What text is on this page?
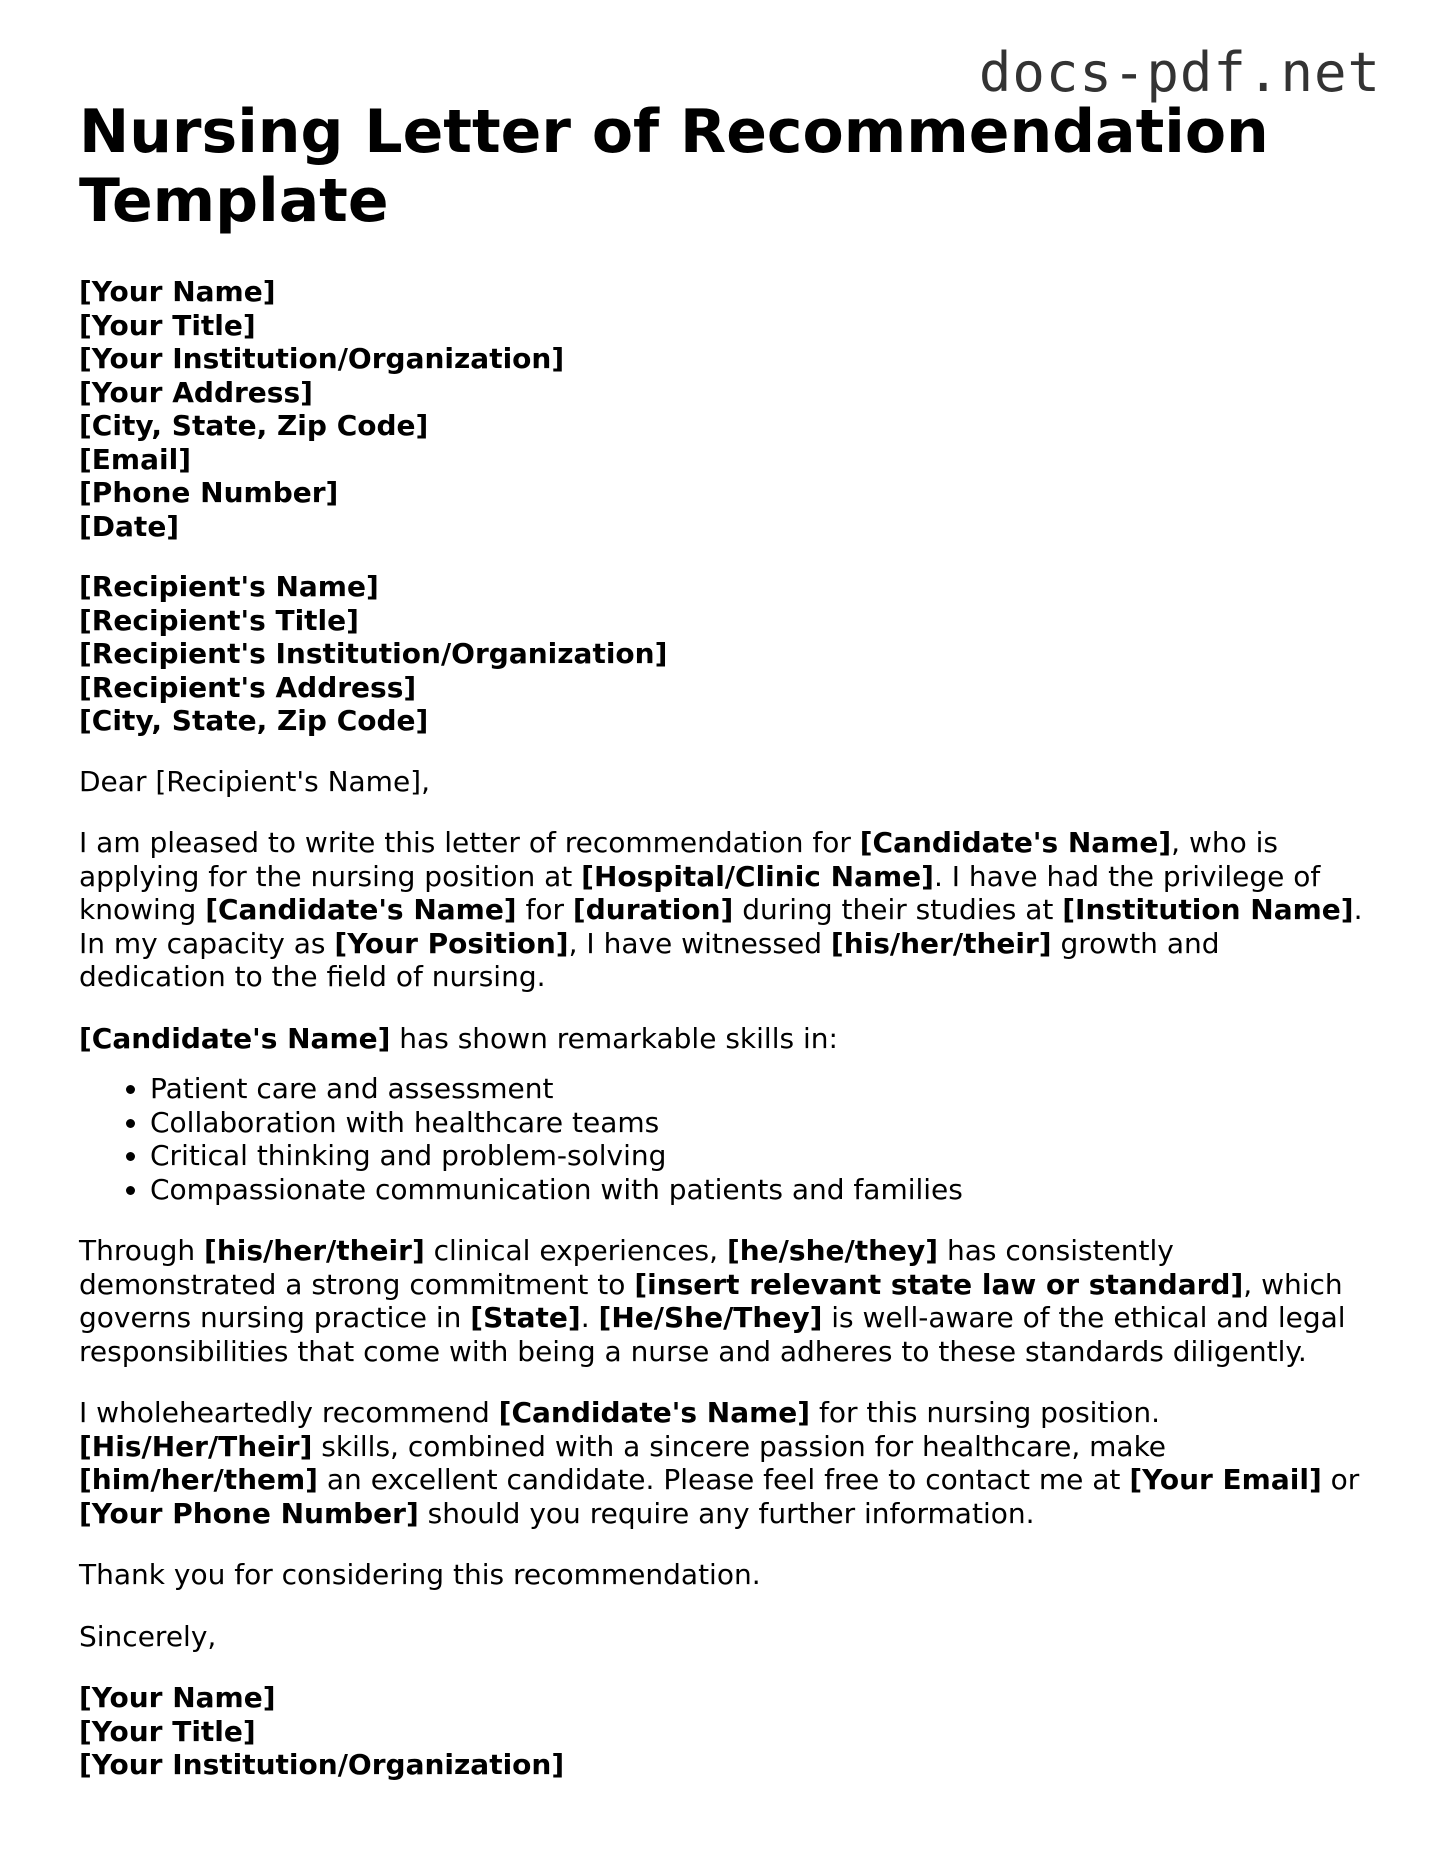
docs-pdf.net
Nursing Letter of Recommendation Template
[Your Name]
[Your Title]
[Your Institution/Organization]
[Your Address]
[City, State, Zip Code]
[Email]
[Phone Number]
[Date]
[Recipient's Name]
[Recipient's Title]
[Recipient's Institution/Organization]
[Recipient's Address]
[City, State, Zip Code]

Dear [Recipient's Name],

I am pleased to write this letter of recommendation for [Candidate's Name], who is applying for the nursing position at [Hospital/Clinic Name]. I have had the privilege of knowing [Candidate's Name] for [duration] during their studies at [Institution Name]. In my capacity as [Your Position], I have witnessed [his/her/their] growth and dedication to the field of nursing.

[Candidate's Name] has shown remarkable skills in:

• Patient care and assessment
• Collaboration with healthcare teams
• Critical thinking and problem-solving
• Compassionate communication with patients and families

Through [his/her/their] clinical experiences, [he/she/they] has consistently demonstrated a strong commitment to [insert relevant state law or standard], which governs nursing practice in [State]. [He/She/They] is well-aware of the ethical and legal responsibilities that come with being a nurse and adheres to these standards diligently.

I wholeheartedly recommend [Candidate's Name] for this nursing position. [His/Her/Their] skills, combined with a sincere passion for healthcare, make [him/her/them] an excellent candidate. Please feel free to contact me at [Your Email] or [Your Phone Number] should you require any further information.

Thank you for considering this recommendation.

Sincerely,

[Your Name]
[Your Title]
[Your Institution/Organization]
